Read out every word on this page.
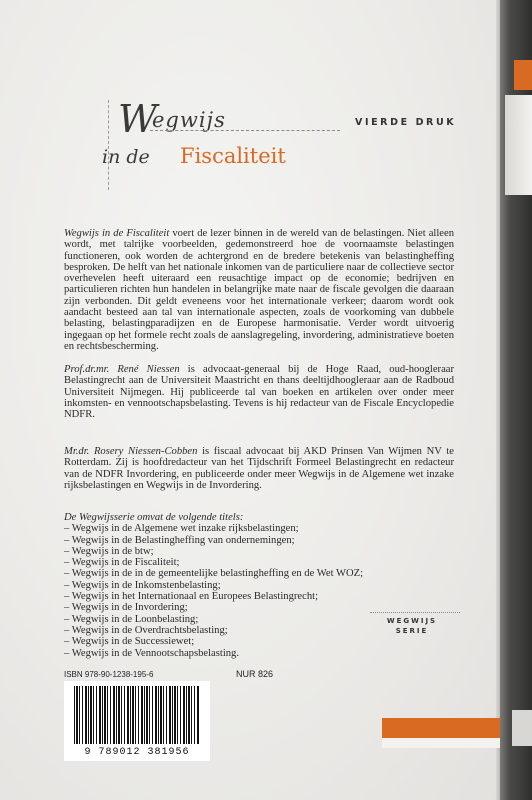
W
egwijs	VIERDE DRUK
in de Fiscaliteit

Wegwijs in de Fiscaliteit voert de lezer binnen in de wereld van de belastingen. Niet alleen wordt, met talrijke voorbeelden, gedemonstreerd hoe de voornaamste belastingen functioneren, ook worden de achtergrond en de bredere betekenis van belastingheffing besproken. De helft van het nationale inkomen van de particuliere naar de collectieve sector overhevelen heeft uiteraard een reusachtige impact op de economie; bedrijven en particulieren richten hun handelen in belangrijke mate naar de fiscale gevolgen die daaraan zijn verbonden. Dit geldt eveneens voor het internationale verkeer; daarom wordt ook aandacht besteed aan tal van internationale aspecten, zoals de voorkoming van dubbele belasting, belastingparadijzen en de Europese harmonisatie. Verder wordt uitvoerig ingegaan op het formele recht zoals de aanslagregeling, invordering, administratieve boeten en rechtsbescherming.

Prof.dr.mr. René Niessen is advocaat-generaal bij de Hoge Raad, oud-hoogleraar Belastingrecht aan de Universiteit Maastricht en thans deeltijdhoogleraar aan de Radboud Universiteit Nijmegen. Hij publiceerde tal van boeken en artikelen over onder meer inkomsten- en vennootschapsbelasting. Tevens is hij redacteur van de Fiscale Encyclopedie NDFR.

Mr.dr. Rosery Niessen-Cobben is fiscaal advocaat bij AKD Prinsen Van Wijmen NV te Rotterdam. Zij is hoofdredacteur van het Tijdschrift Formeel Belastingrecht en redacteur van de NDFR Invordering, en publiceerde onder meer Wegwijs in de Algemene wet inzake rijksbelastingen en Wegwijs in de Invordering.

De Wegwijsserie omvat de volgende titels:
– Wegwijs in de Algemene wet inzake rijksbelastingen;
– Wegwijs in de Belastingheffing van ondernemingen;
– Wegwijs in de btw;
– Wegwijs in de Fiscaliteit;
– Wegwijs in de in de gemeentelijke belastingheffing en de Wet WOZ;
– Wegwijs in de Inkomstenbelasting;
– Wegwijs in het Internationaal en Europees Belastingrecht;
– Wegwijs in de Invordering;
– Wegwijs in de Loonbelasting;
– Wegwijs in de Overdrachtsbelasting;
– Wegwijs in de Successiewet;
– Wegwijs in de Vennootschapsbelasting.
WEGWIJS
SERIE
ISBN 978-90-1238-195-6	NUR 826
9 789012 381956
